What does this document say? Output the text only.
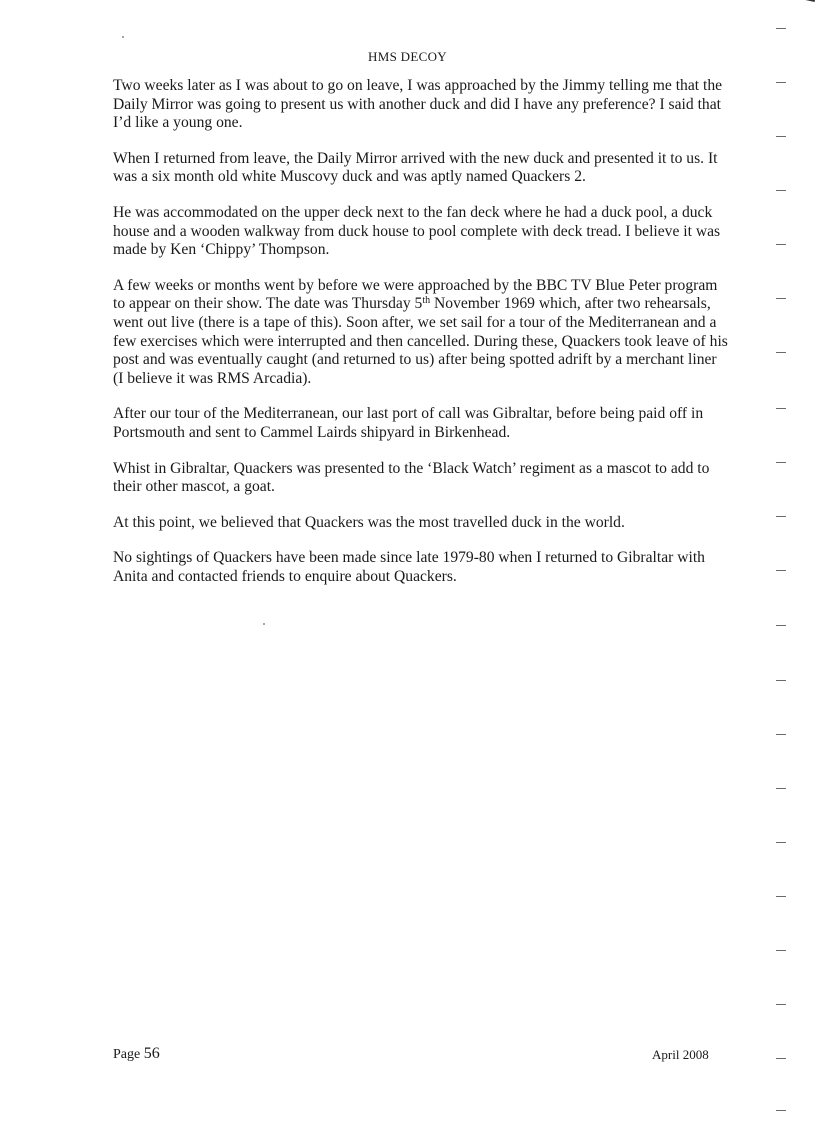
HMS DECOY

Two weeks later as I was about to go on leave, I was approached by the Jimmy telling me that the Daily Mirror was going to present us with another duck and did I have any preference? I said that I’d like a young one.

When I returned from leave, the Daily Mirror arrived with the new duck and presented it to us. It was a six month old white Muscovy duck and was aptly named Quackers 2.

He was accommodated on the upper deck next to the fan deck where he had a duck pool, a duck house and a wooden walkway from duck house to pool complete with deck tread. I believe it was made by Ken ‘Chippy’ Thompson.

A few weeks or months went by before we were approached by the BBC TV Blue Peter program to appear on their show. The date was Thursday 5th November 1969 which, after two rehearsals, went out live (there is a tape of this). Soon after, we set sail for a tour of the Mediterranean and a few exercises which were interrupted and then cancelled. During these, Quackers took leave of his post and was eventually caught (and returned to us) after being spotted adrift by a merchant liner (I believe it was RMS Arcadia).

After our tour of the Mediterranean, our last port of call was Gibraltar, before being paid off in Portsmouth and sent to Cammel Lairds shipyard in Birkenhead.

Whist in Gibraltar, Quackers was presented to the ‘Black Watch’ regiment as a mascot to add to their other mascot, a goat.

At this point, we believed that Quackers was the most travelled duck in the world.

No sightings of Quackers have been made since late 1979-80 when I returned to Gibraltar with Anita and contacted friends to enquire about Quackers.

Page 56	April 2008
